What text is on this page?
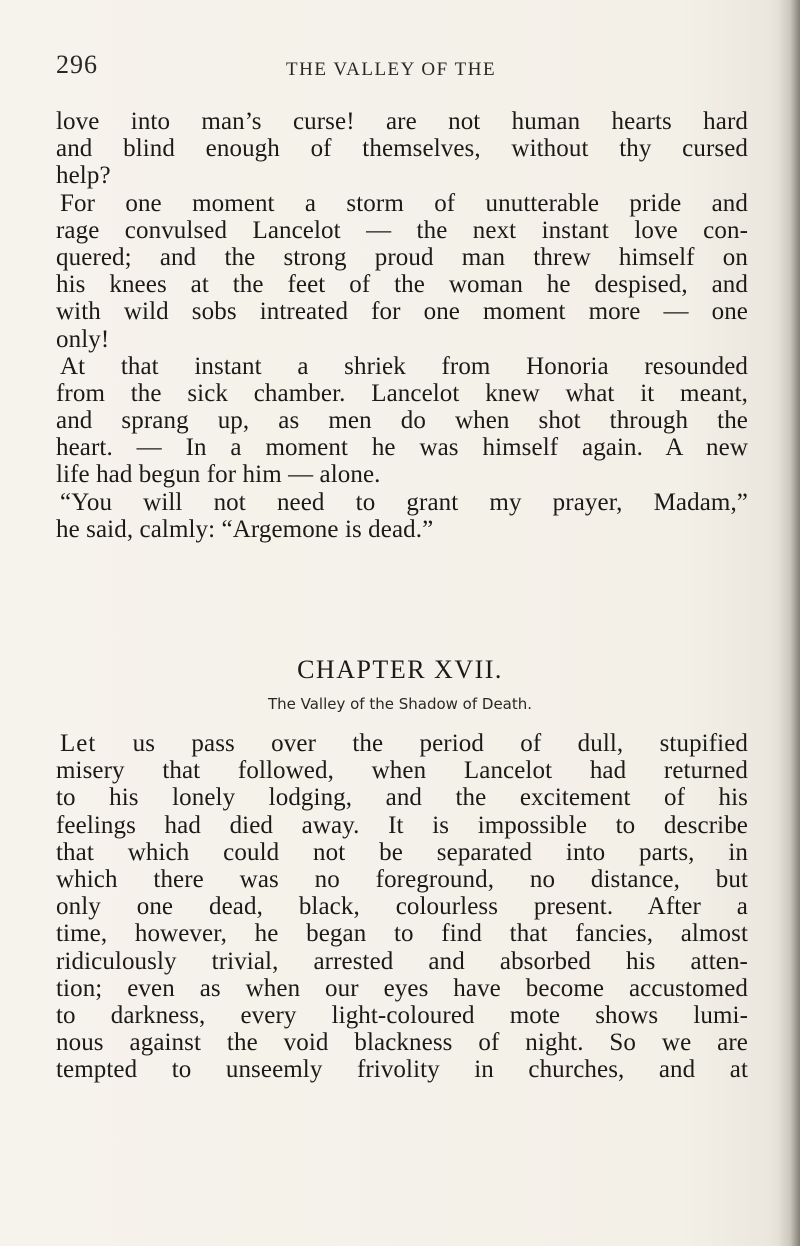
296	THE VALLEY OF THE
love into man’s curse! are not human hearts hard
and blind enough of themselves, without thy cursed
help?
For one moment a storm of unutterable pride and
rage convulsed Lancelot — the next instant love con-
quered; and the strong proud man threw himself on
his knees at the feet of the woman he despised, and
with wild sobs intreated for one moment more — one
only!
At that instant a shriek from Honoria resounded
from the sick chamber. Lancelot knew what it meant,
and sprang up, as men do when shot through the
heart. — In a moment he was himself again. A new
life had begun for him — alone.
“You will not need to grant my prayer, Madam,”
he said, calmly: “Argemone is dead.”
CHAPTER XVII.
The Valley of the Shadow of Death.
Let us pass over the period of dull, stupified
misery that followed, when Lancelot had returned
to his lonely lodging, and the excitement of his
feelings had died away. It is impossible to describe
that which could not be separated into parts, in
which there was no foreground, no distance, but
only one dead, black, colourless present. After a
time, however, he began to find that fancies, almost
ridiculously trivial, arrested and absorbed his atten-
tion; even as when our eyes have become accustomed
to darkness, every light-coloured mote shows lumi-
nous against the void blackness of night. So we are
tempted to unseemly frivolity in churches, and at
